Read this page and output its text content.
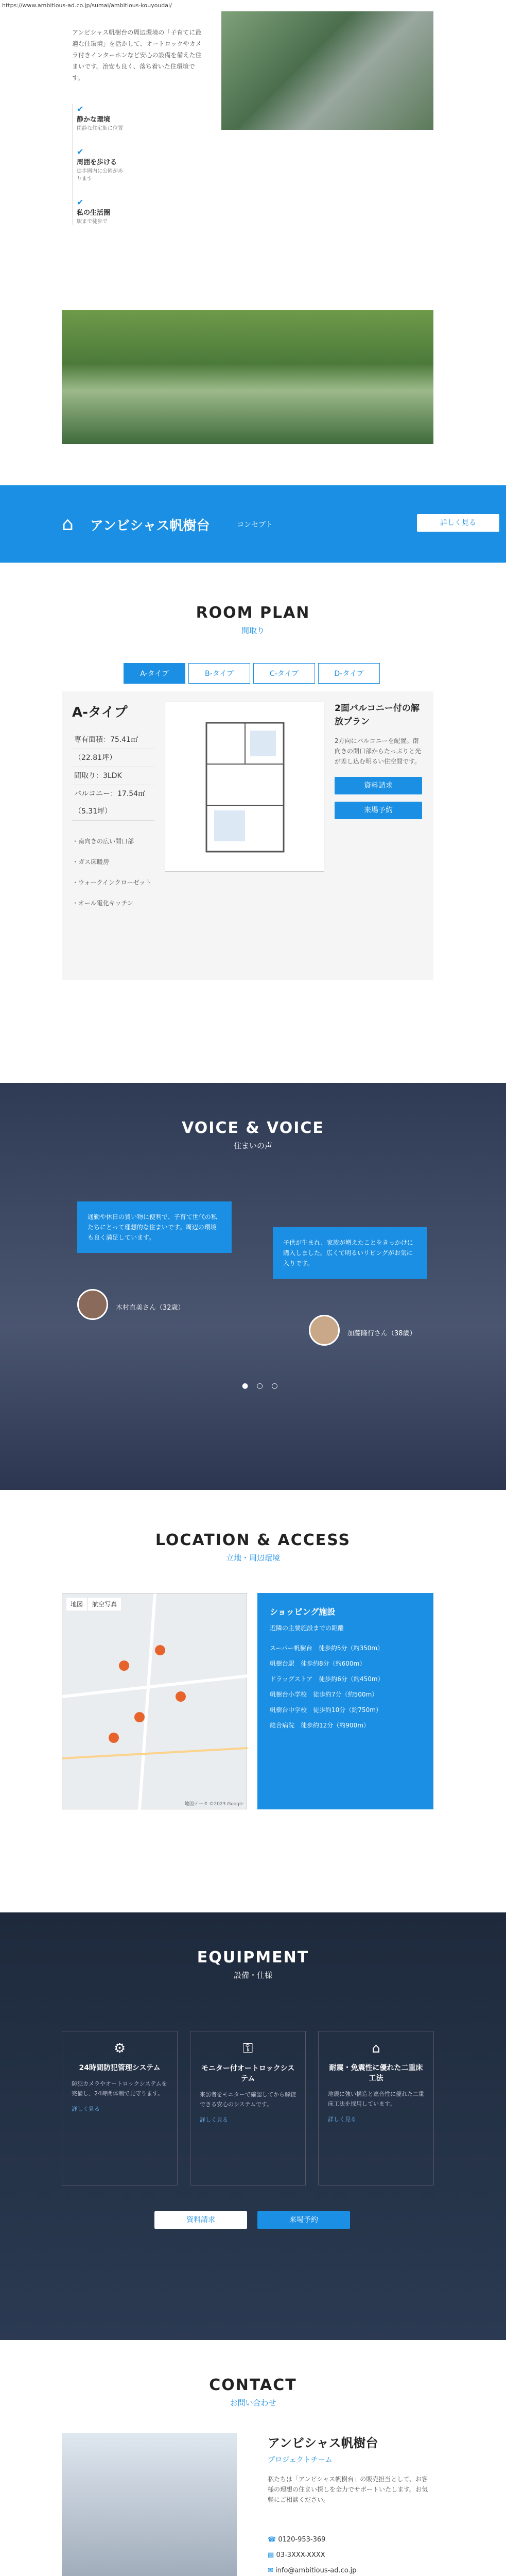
https://www.ambitious-ad.co.jp/sumai/ambitious-kouyoudai/
アンビシャス帆樹台の周辺環境の「子育てに最適な住環境」を活かして、オートロックやカメラ付きインターホンなど安心の設備を備えた住まいです。治安も良く、落ち着いた住環境です。
✔
静かな環境
閑静な住宅街に位置
✔
周囲を歩ける
徒歩圏内に公園があります
✔
私の生活圏
駅まで徒歩で
⌂ アンビシャス帆樹台	コンセプト	詳しく見る
ROOM PLAN
間取り
A-タイプ	B-タイプ	C-タイプ	D-タイプ
A-タイプ
専有面積：75.41㎡
（22.81坪）
間取り：3LDK
バルコニー：17.54㎡（5.31坪）
・南向きの広い開口部
・ガス床暖房
・ウォークインクローゼット
・オール電化キッチン
2面バルコニー付の解放プラン
2方向にバルコニーを配置。南向きの開口部からたっぷりと光が差し込む明るい住空間です。
資料請求 来場予約
VOICE & VOICE
住まいの声
通勤や休日の買い物に便利で、子育て世代の私たちにとって理想的な住まいです。周辺の環境も良く満足しています。
木村直美さん（32歳）
子供が生まれ、家族が増えたことをきっかけに購入しました。広くて明るいリビングがお気に入りです。
加藤隆行さん（38歳）
● ○ ○
LOCATION & ACCESS
立地・周辺環境
地図	航空写真
地図データ ©2023 Google
ショッピング施設
近隣の主要施設までの距離
スーパー帆樹台　 徒歩約5分（約350m）
帆樹台駅　 徒歩約8分（約600m）
ドラッグストア　 徒歩約6分（約450m）
帆樹台小学校　 徒歩約7分（約500m）
帆樹台中学校　 徒歩約10分（約750m）
総合病院　 徒歩約12分（約900m）
EQUIPMENT
設備・仕様
⚙
24時間防犯管理システム
防犯カメラやオートロックシステムを完備し、24時間体制で見守ります。
詳しく見る
⚿
モニター付オートロックシステム
来訪者をモニターで確認してから解錠できる安心のシステムです。
詳しく見る
⌂
耐震・免震性に優れた二重床工法
地震に強い構造と遮音性に優れた二重床工法を採用しています。
詳しく見る
資料請求	来場予約
CONTACT
お問い合わせ
アンビシャス帆樹台
プロジェクトチーム
私たちは「アンビシャス帆樹台」の販売担当として、お客様の理想の住まい探しを全力でサポートいたします。お気軽にご相談ください。
☎ 0120-953-369
▤ 03-3XXX-XXXX
✉ info@ambitious-ad.co.jp
